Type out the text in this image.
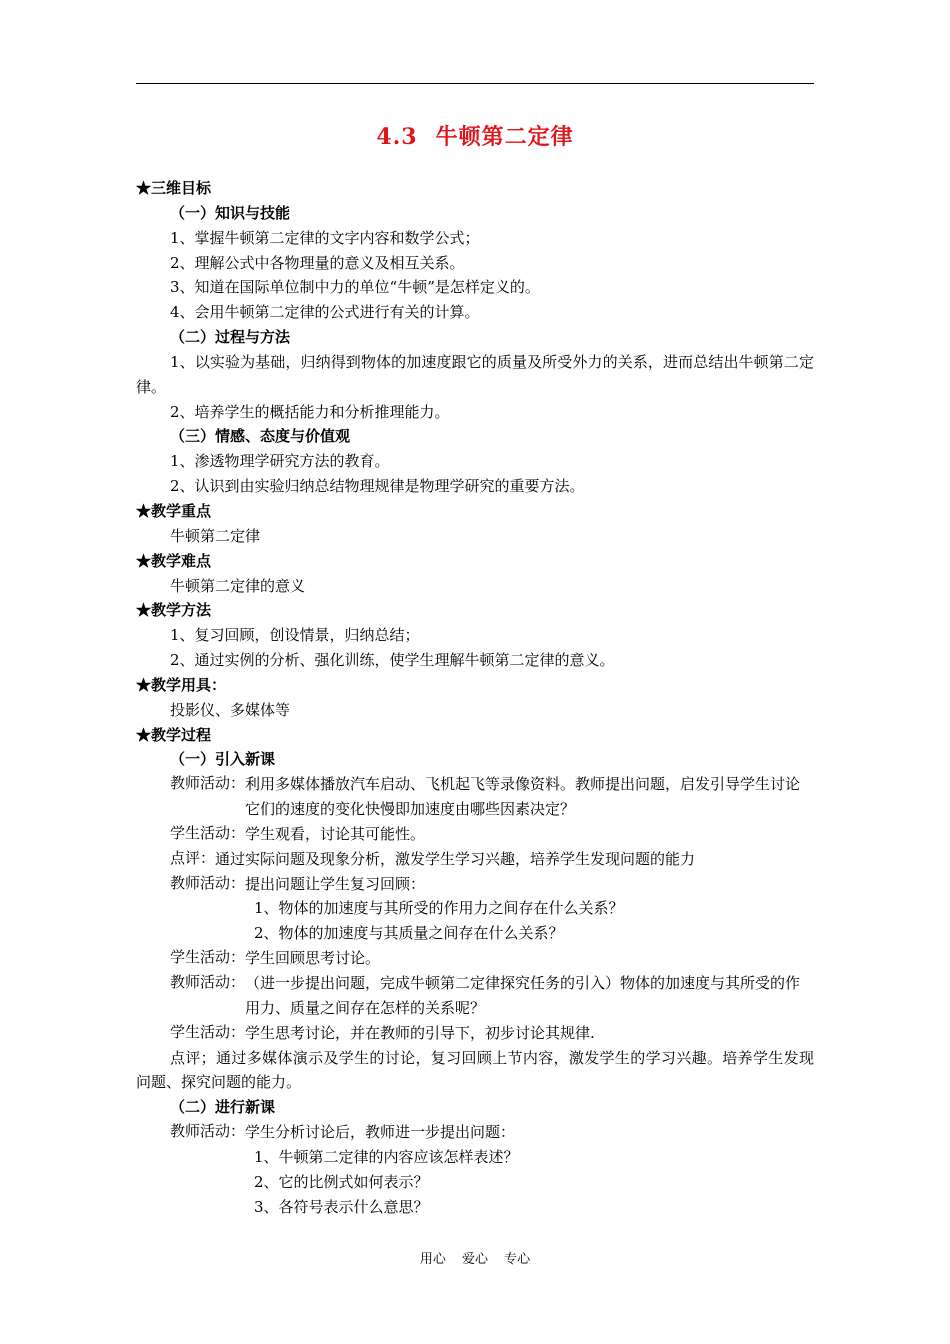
4.3 牛顿第二定律
★三维目标
（一）知识与技能
1、掌握牛顿第二定律的文字内容和数学公式；
2、理解公式中各物理量的意义及相互关系。
3、知道在国际单位制中力的单位“牛顿”是怎样定义的。
4、会用牛顿第二定律的公式进行有关的计算。
（二）过程与方法
1、以实验为基础，归纳得到物体的加速度跟它的质量及所受外力的关系，进而总结出牛顿第二定律。
2、培养学生的概括能力和分析推理能力。
（三）情感、态度与价值观
1、渗透物理学研究方法的教育。
2、认识到由实验归纳总结物理规律是物理学研究的重要方法。
★教学重点
牛顿第二定律
★教学难点
牛顿第二定律的意义
★教学方法
1、复习回顾，创设情景，归纳总结；
2、通过实例的分析、强化训练，使学生理解牛顿第二定律的意义。
★教学用具：
投影仪、多媒体等
★教学过程
（一）引入新课
教师活动： 利用多媒体播放汽车启动、飞机起飞等录像资料。教师提出问题，启发引导学生讨论它们的速度的变化快慢即加速度由哪些因素决定？
学生活动： 学生观看，讨论其可能性。
点评： 通过实际问题及现象分析，激发学生学习兴趣，培养学生发现问题的能力
教师活动： 提出问题让学生复习回顾：
1、物体的加速度与其所受的作用力之间存在什么关系？
2、物体的加速度与其质量之间存在什么关系？
学生活动： 学生回顾思考讨论。
教师活动： （进一步提出问题，完成牛顿第二定律探究任务的引入）物体的加速度与其所受的作用力、质量之间存在怎样的关系呢？
学生活动： 学生思考讨论，并在教师的引导下，初步讨论其规律.
点评；通过多媒体演示及学生的讨论，复习回顾上节内容，激发学生的学习兴趣。培养学生发现问题、探究问题的能力。
（二）进行新课
教师活动： 学生分析讨论后，教师进一步提出问题：
1、牛顿第二定律的内容应该怎样表述？
2、它的比例式如何表示？
3、各符号表示什么意思？
用心 爱心 专心
